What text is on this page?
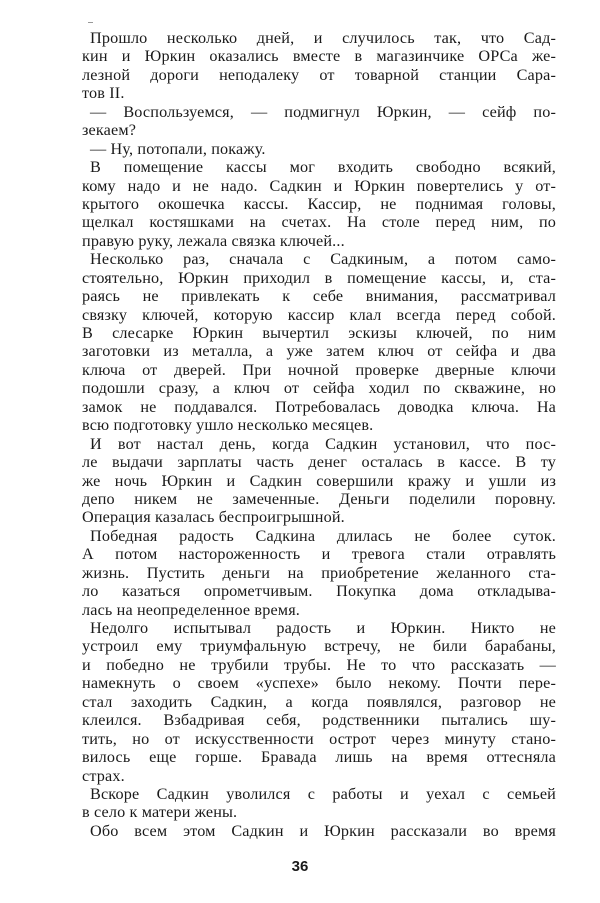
Прошло несколько дней, и случилось так, что Сад-
кин и Юркин оказались вместе в магазинчике ОРСа же-
лезной дороги неподалеку от товарной станции Сара-
тов II.
— Воспользуемся, — подмигнул Юркин, — сейф по-
зекаем?
— Ну, потопали, покажу.
В помещение кассы мог входить свободно всякий,
кому надо и не надо. Садкин и Юркин повертелись у от-
крытого окошечка кассы. Кассир, не поднимая головы,
щелкал костяшками на счетах. На столе перед ним, по
правую руку, лежала связка ключей...
Несколько раз, сначала с Садкиным, а потом само-
стоятельно, Юркин приходил в помещение кассы, и, ста-
раясь не привлекать к себе внимания, рассматривал
связку ключей, которую кассир клал всегда перед собой.
В слесарке Юркин вычертил эскизы ключей, по ним
заготовки из металла, а уже затем ключ от сейфа и два
ключа от дверей. При ночной проверке дверные ключи
подошли сразу, а ключ от сейфа ходил по скважине, но
замок не поддавался. Потребовалась доводка ключа. На
всю подготовку ушло несколько месяцев.
И вот настал день, когда Садкин установил, что пос-
ле выдачи зарплаты часть денег осталась в кассе. В ту
же ночь Юркин и Садкин совершили кражу и ушли из
депо никем не замеченные. Деньги поделили поровну.
Операция казалась беспроигрышной.
Победная радость Садкина длилась не более суток.
А потом настороженность и тревога стали отравлять
жизнь. Пустить деньги на приобретение желанного ста-
ло казаться опрометчивым. Покупка дома откладыва-
лась на неопределенное время.
Недолго испытывал радость и Юркин. Никто не
устроил ему триумфальную встречу, не били барабаны,
и победно не трубили трубы. Не то что рассказать —
намекнуть о своем «успехе» было некому. Почти пере-
стал заходить Садкин, а когда появлялся, разговор не
клеился. Взбадривая себя, родственники пытались шу-
тить, но от искусственности острот через минуту стано-
вилось еще горше. Бравада лишь на время оттесняла
страх.
Вскоре Садкин уволился с работы и уехал с семьей
в село к матери жены.
Обо всем этом Садкин и Юркин рассказали во время
36
